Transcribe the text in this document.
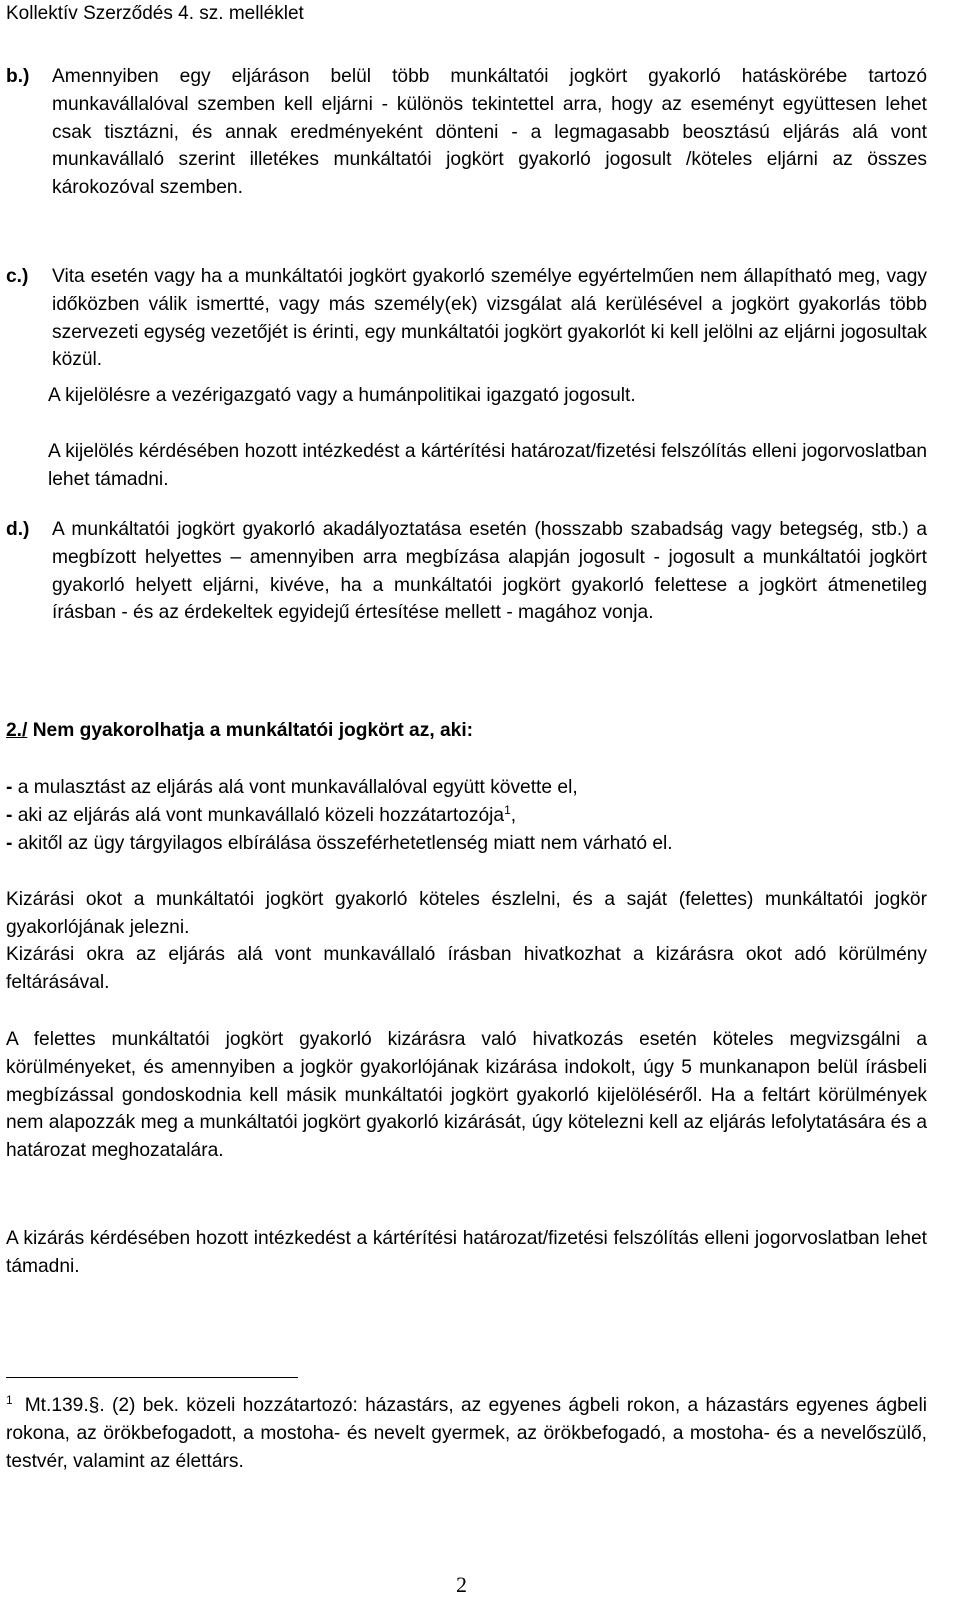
Kollektív Szerződés 4. sz. melléklet
b.) Amennyiben egy eljáráson belül több munkáltatói jogkört gyakorló hatáskörébe tartozó munkavállalóval szemben kell eljárni - különös tekintettel arra, hogy az eseményt együttesen lehet csak tisztázni, és annak eredményeként dönteni - a legmagasabb beosztású eljárás alá vont munkavállaló szerint illetékes munkáltatói jogkört gyakorló jogosult /köteles eljárni az összes károkozóval szemben.
c.) Vita esetén vagy ha a munkáltatói jogkört gyakorló személye egyértelműen nem állapítható meg, vagy időközben válik ismertté, vagy más személy(ek) vizsgálat alá kerülésével a jogkört gyakorlás több szervezeti egység vezetőjét is érinti, egy munkáltatói jogkört gyakorlót ki kell jelölni az eljárni jogosultak közül.
A kijelölésre a vezérigazgató vagy a humánpolitikai igazgató jogosult.
A kijelölés kérdésében hozott intézkedést a kártérítési határozat/fizetési felszólítás elleni jogorvoslatban lehet támadni.
d.) A munkáltatói jogkört gyakorló akadályoztatása esetén (hosszabb szabadság vagy betegség, stb.) a megbízott helyettes – amennyiben arra megbízása alapján jogosult - jogosult a munkáltatói jogkört gyakorló helyett eljárni, kivéve, ha a munkáltatói jogkört gyakorló felettese a jogkört átmenetileg írásban - és az érdekeltek egyidejű értesítése mellett - magához vonja.
2./ Nem gyakorolhatja a munkáltatói jogkört az, aki:
- a mulasztást az eljárás alá vont munkavállalóval együtt követte el,
- aki az eljárás alá vont munkavállaló közeli hozzátartozója$^1$,
- akitől az ügy tárgyilagos elbírálása összeférhetetlenség miatt nem várható el.
Kizárási okot a munkáltatói jogkört gyakorló köteles észlelni, és a saját (felettes) munkáltatói jogkör gyakorlójának jelezni.
Kizárási okra az eljárás alá vont munkavállaló írásban hivatkozhat a kizárásra okot adó körülmény feltárásával.
A felettes munkáltatói jogkört gyakorló kizárásra való hivatkozás esetén köteles megvizsgálni a körülményeket, és amennyiben a jogkör gyakorlójának kizárása indokolt, úgy 5 munkanapon belül írásbeli megbízással gondoskodnia kell másik munkáltatói jogkört gyakorló kijelöléséről. Ha a feltárt körülmények nem alapozzák meg a munkáltatói jogkört gyakorló kizárását, úgy kötelezni kell az eljárás lefolytatására és a határozat meghozatalára.
A kizárás kérdésében hozott intézkedést a kártérítési határozat/fizetési felszólítás elleni jogorvoslatban lehet támadni.
$^1$ Mt.139.§. (2) bek. közeli hozzátartozó: házastárs, az egyenes ágbeli rokon, a házastárs egyenes ágbeli rokona, az örökbefogadott, a mostoha- és nevelt gyermek, az örökbefogadó, a mostoha- és a nevelőszülő, testvér, valamint az élettárs.
2
